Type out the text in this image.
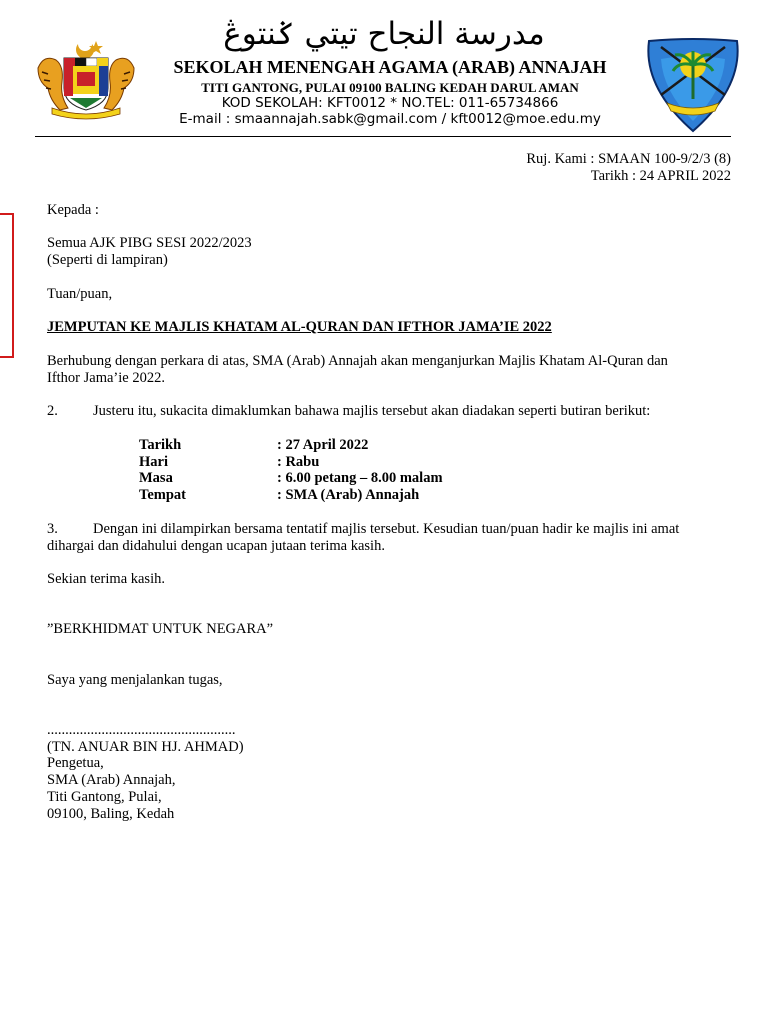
مدرسة النجاح تيتي ݢنتوڠ
SEKOLAH MENENGAH AGAMA (ARAB) ANNAJAH
TITI GANTONG, PULAI 09100 BALING KEDAH DARUL AMAN
KOD SEKOLAH: KFT0012 * NO.TEL: 011-65734866
E-mail : smaannajah.sabk@gmail.com / kft0012@moe.edu.my
Ruj. Kami : SMAAN 100-9/2/3 (8)
Tarikh : 24 APRIL 2022
Kepada :
Semua AJK PIBG SESI 2022/2023
(Seperti di lampiran)
Tuan/puan,
JEMPUTAN KE MAJLIS KHATAM AL-QURAN DAN IFTHOR JAMA’IE 2022
Berhubung dengan perkara di atas, SMA (Arab) Annajah akan menganjurkan Majlis Khatam Al-Quran dan
Ifthor Jama’ie 2022.
2. Justeru itu, sukacita dimaklumkan bahawa majlis tersebut akan diadakan seperti butiran berikut:
Tarikh	: 27 April 2022
Hari	: Rabu
Masa	: 6.00 petang – 8.00 malam
Tempat	: SMA (Arab) Annajah
3. Dengan ini dilampirkan bersama tentatif majlis tersebut. Kesudian tuan/puan hadir ke majlis ini amat
dihargai dan didahului dengan ucapan jutaan terima kasih.
Sekian terima kasih.
”BERKHIDMAT UNTUK NEGARA”
Saya yang menjalankan tugas,
....................................................
(TN. ANUAR BIN HJ. AHMAD)
Pengetua,
SMA (Arab) Annajah,
Titi Gantong, Pulai,
09100, Baling, Kedah
